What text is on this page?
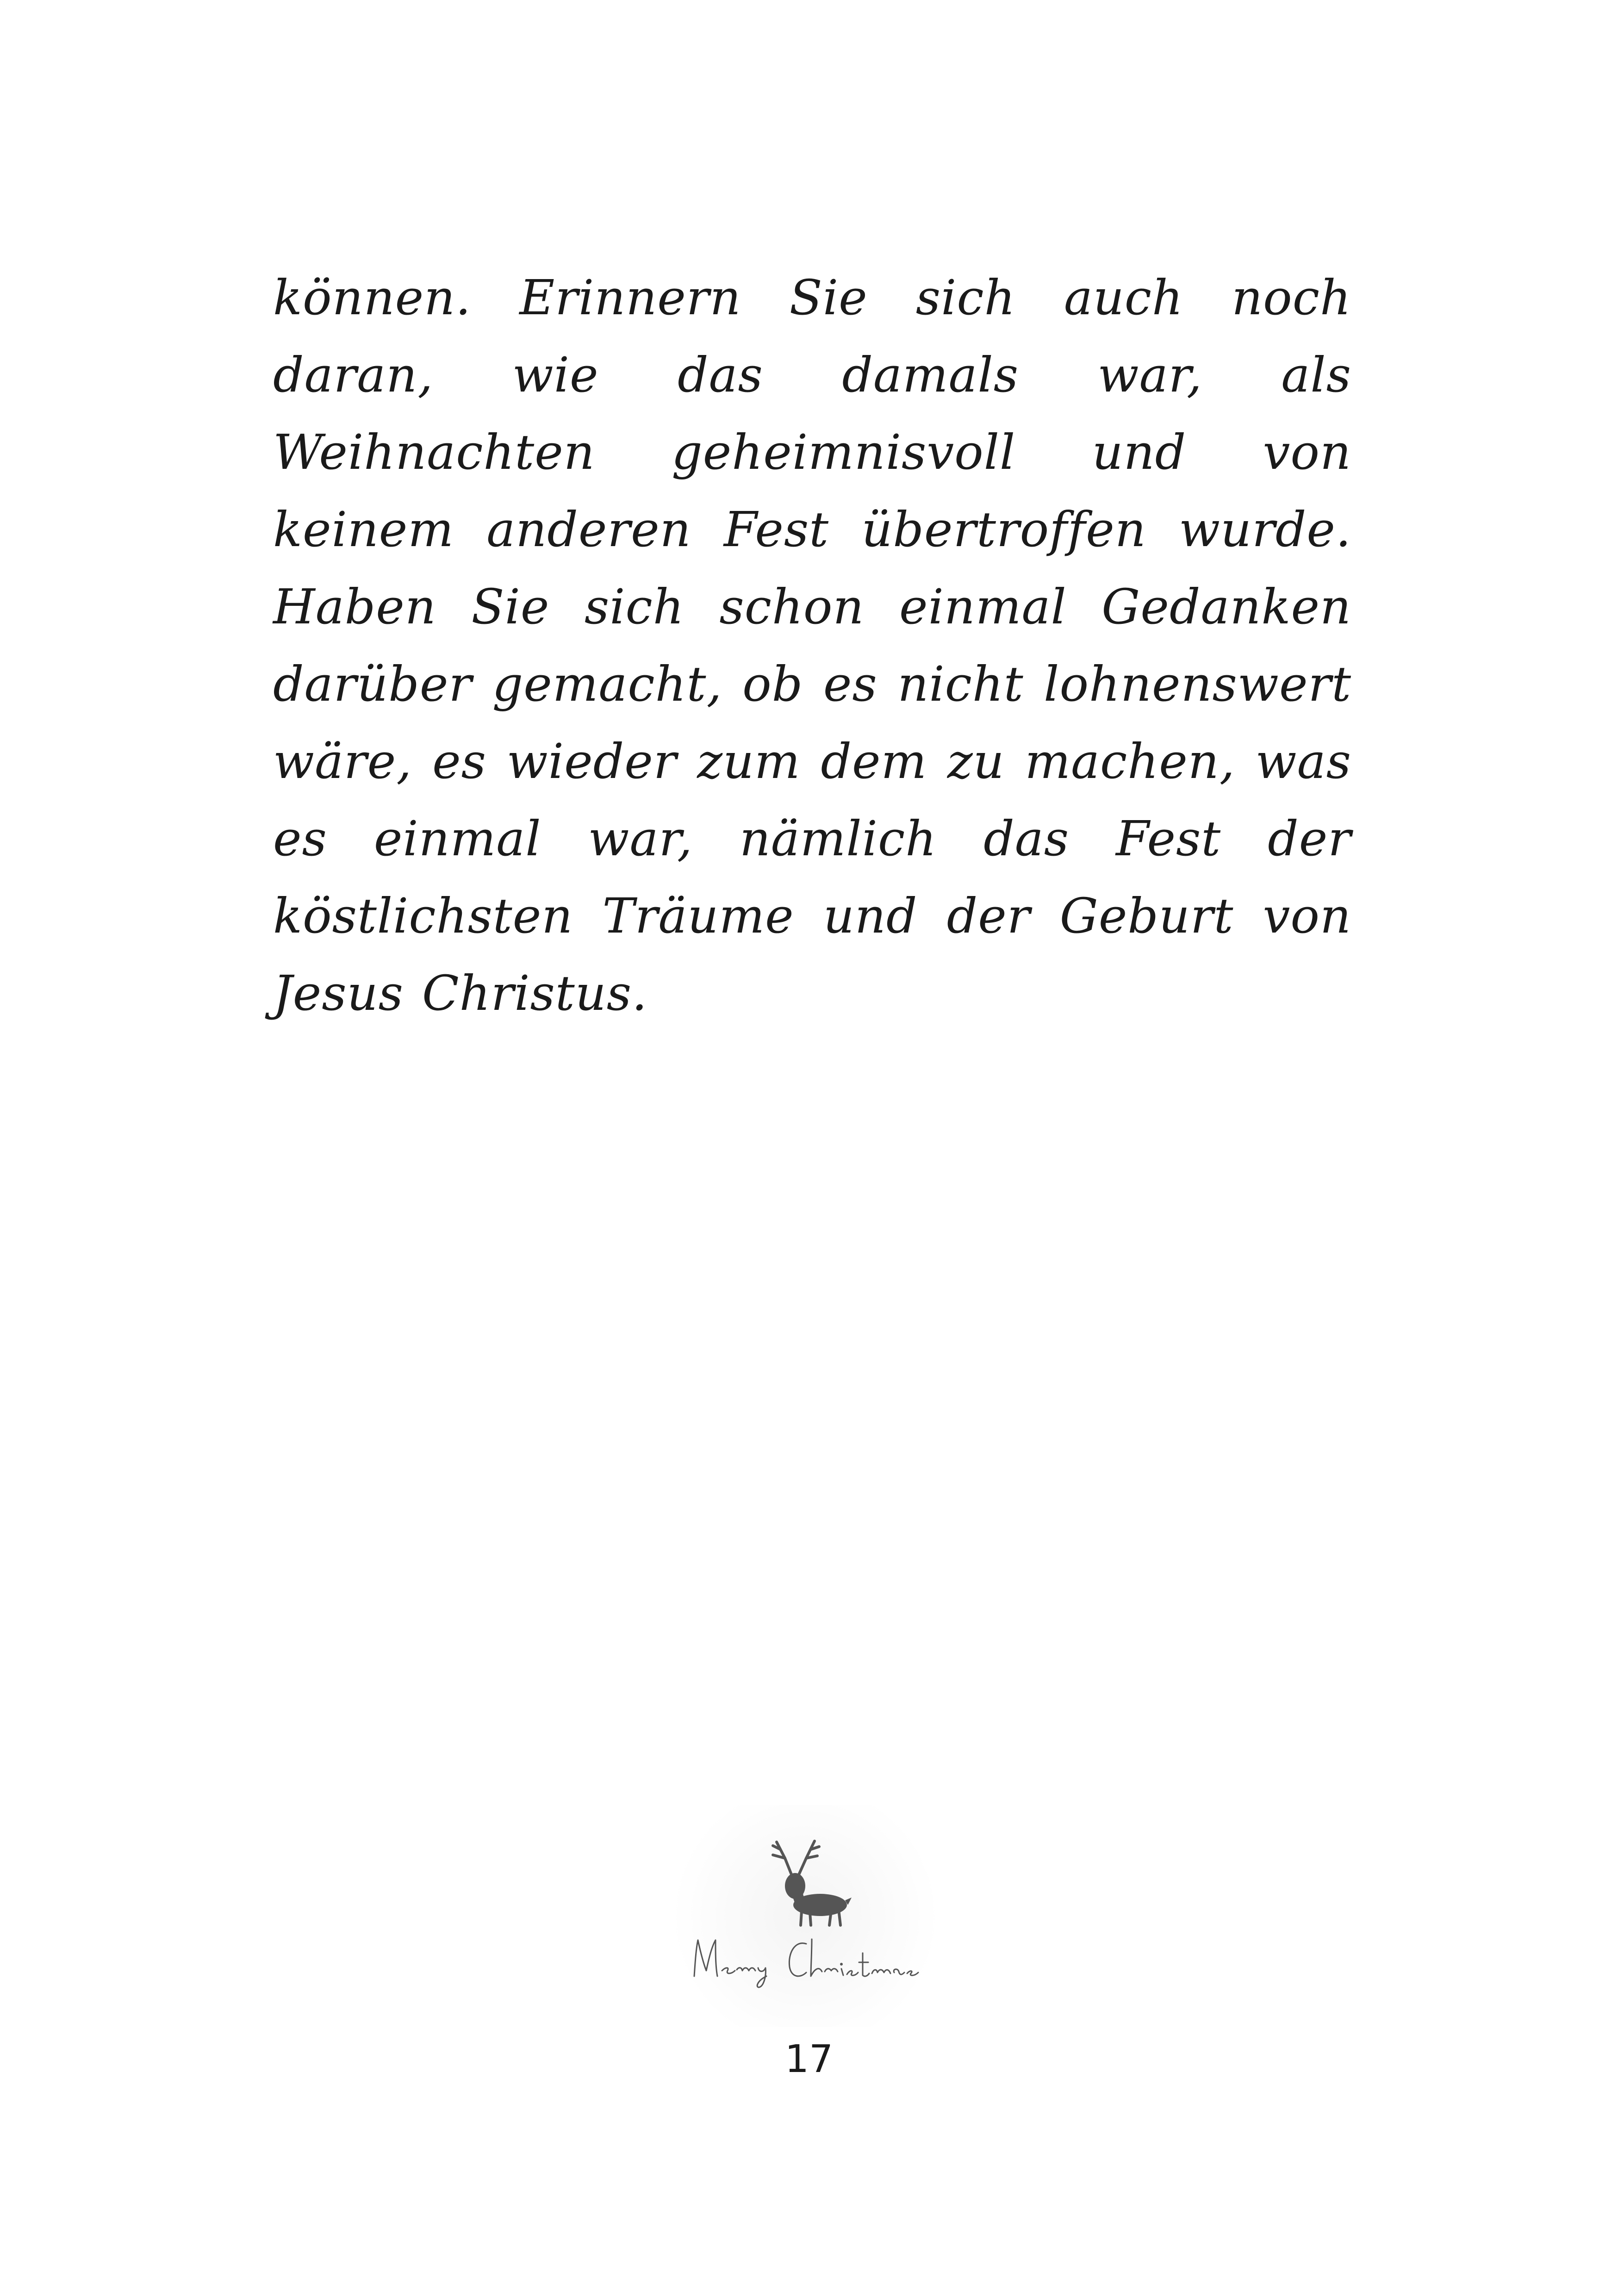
können. Erinnern Sie sich auch noch daran, wie das damals war, als Weihnachten geheimnisvoll und von keinem anderen Fest übertroffen wurde. Haben Sie sich schon einmal Gedanken darüber gemacht, ob es nicht lohnenswert wäre, es wieder zum dem zu machen, was es einmal war, nämlich das Fest der köstlichsten Träume und der Geburt von Jesus Christus.

17
